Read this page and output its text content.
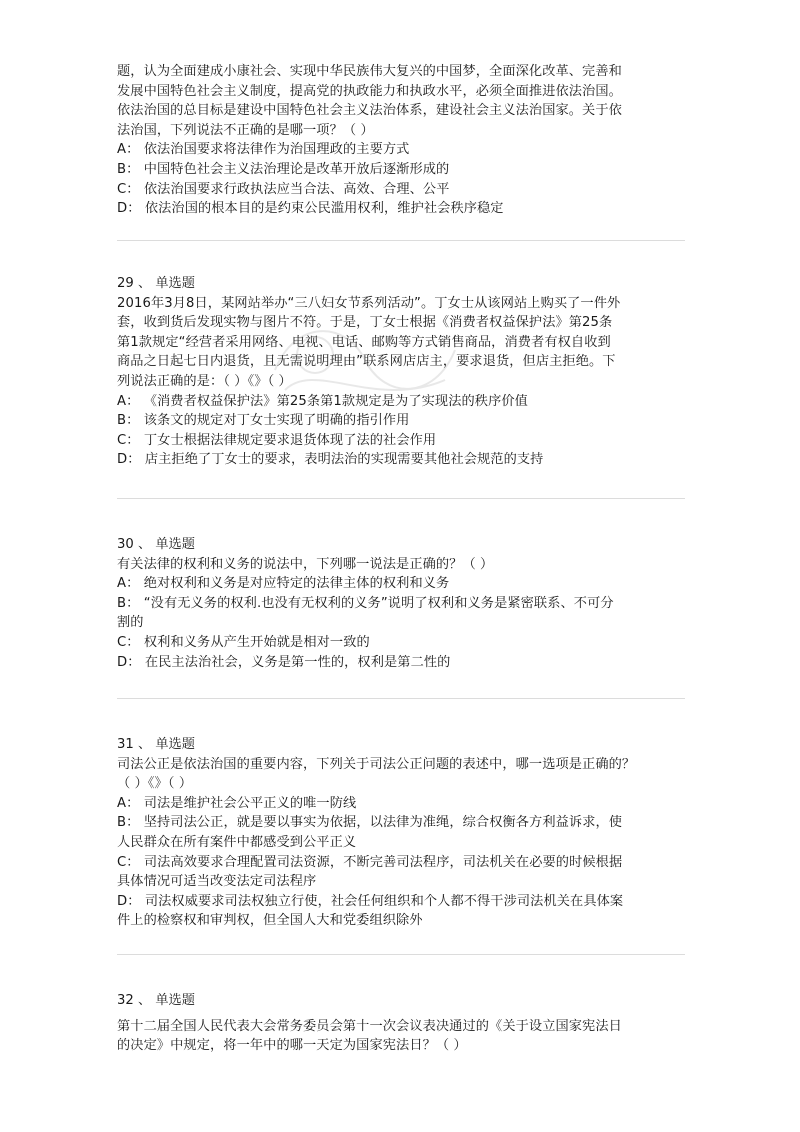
题，认为全面建成小康社会、实现中华民族伟大复兴的中国梦，全面深化改革、完善和
发展中国特色社会主义制度，提高党的执政能力和执政水平，必须全面推进依法治国。
依法治国的总目标是建设中国特色社会主义法治体系，建设社会主义法治国家。关于依
法治国，下列说法不正确的是哪一项？（ ）
A： 依法治国要求将法律作为治国理政的主要方式
B： 中国特色社会主义法治理论是改革开放后逐渐形成的
C： 依法治国要求行政执法应当合法、高效、合理、公平
D： 依法治国的根本目的是约束公民滥用权利，维护社会秩序稳定
29 、 单选题
2016年3月8日，某网站举办“三八妇女节系列活动”。丁女士从该网站上购买了一件外
套，收到货后发现实物与图片不符。于是，丁女士根据《消费者权益保护法》第25条
第1款规定“经营者采用网络、电视、电话、邮购等方式销售商品，消费者有权自收到
商品之日起七日内退货，且无需说明理由”联系网店店主，要求退货，但店主拒绝。下
列说法正确的是：（ ）《》（ ）
A： 《消费者权益保护法》第25条第1款规定是为了实现法的秩序价值
B： 该条文的规定对丁女士实现了明确的指引作用
C： 丁女士根据法律规定要求退货体现了法的社会作用
D： 店主拒绝了丁女士的要求，表明法治的实现需要其他社会规范的支持
30 、 单选题
有关法律的权利和义务的说法中，下列哪一说法是正确的？（ ）
A： 绝对权利和义务是对应特定的法律主体的权利和义务
B： “没有无义务的权利.也没有无权利的义务”说明了权利和义务是紧密联系、不可分
割的
C： 权利和义务从产生开始就是相对一致的
D： 在民主法治社会，义务是第一性的，权利是第二性的
31 、 单选题
司法公正是依法治国的重要内容，下列关于司法公正问题的表述中，哪一选项是正确的？
（ ）《》（ ）
A： 司法是维护社会公平正义的唯一防线
B： 坚持司法公正，就是要以事实为依据，以法律为准绳，综合权衡各方利益诉求，使
人民群众在所有案件中都感受到公平正义
C： 司法高效要求合理配置司法资源，不断完善司法程序，司法机关在必要的时候根据
具体情况可适当改变法定司法程序
D： 司法权威要求司法权独立行使，社会任何组织和个人都不得干涉司法机关在具体案
件上的检察权和审判权，但全国人大和党委组织除外
32 、 单选题
第十二届全国人民代表大会常务委员会第十一次会议表决通过的《关于设立国家宪法日
的决定》中规定，将一年中的哪一天定为国家宪法日？（ ）
